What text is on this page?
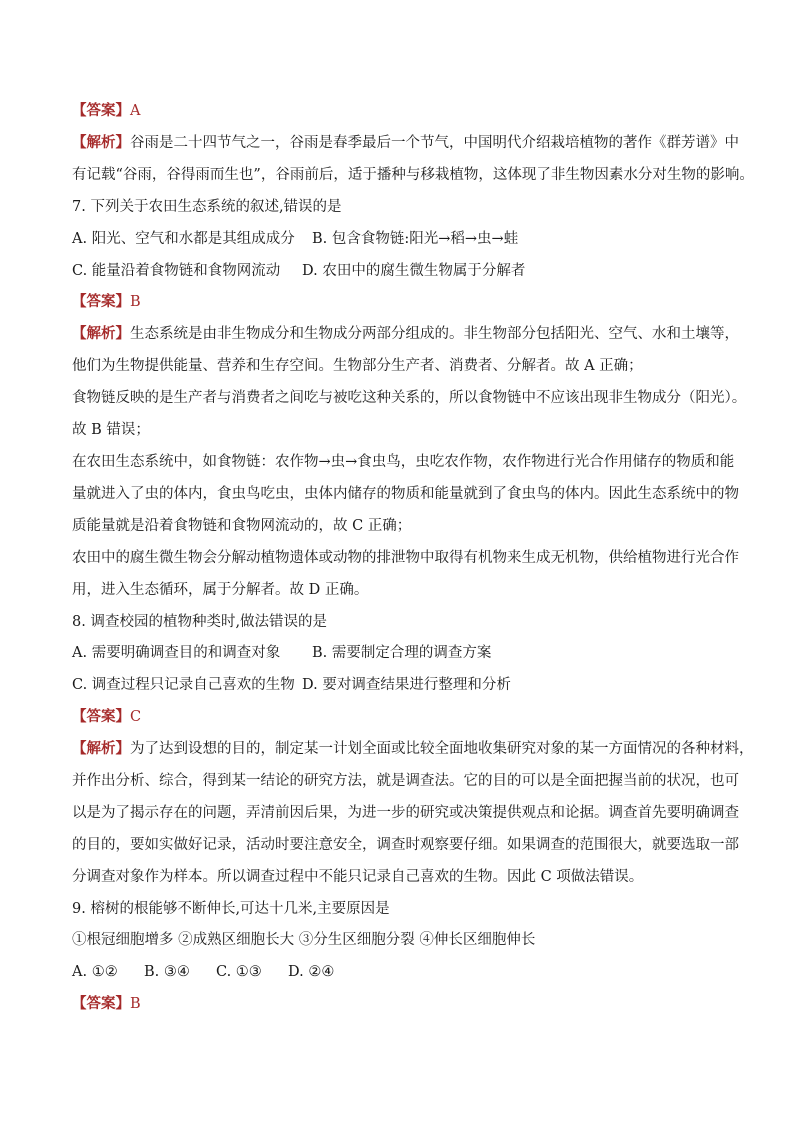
【答案】A
【解析】谷雨是二十四节气之一，谷雨是春季最后一个节气，中国明代介绍栽培植物的著作《群芳谱》中
有记载“谷雨，谷得雨而生也”，谷雨前后，适于播种与移栽植物，这体现了非生物因素水分对生物的影响。
7. 下列关于农田生态系统的叙述,错误的是
A. 阳光、空气和水都是其组成成分 B. 包含食物链:阳光→稻→虫→蛙
C. 能量沿着食物链和食物网流动 D. 农田中的腐生微生物属于分解者
【答案】B
【解析】生态系统是由非生物成分和生物成分两部分组成的。非生物部分包括阳光、空气、水和土壤等，
他们为生物提供能量、营养和生存空间。生物部分生产者、消费者、分解者。故 A 正确；
食物链反映的是生产者与消费者之间吃与被吃这种关系的，所以食物链中不应该出现非生物成分（阳光）。
故 B 错误；
在农田生态系统中，如食物链：农作物→虫→食虫鸟，虫吃农作物，农作物进行光合作用储存的物质和能
量就进入了虫的体内，食虫鸟吃虫，虫体内储存的物质和能量就到了食虫鸟的体内。因此生态系统中的物
质能量就是沿着食物链和食物网流动的，故 C 正确；
农田中的腐生微生物会分解动植物遗体或动物的排泄物中取得有机物来生成无机物，供给植物进行光合作
用，进入生态循环，属于分解者。故 D 正确。
8. 调查校园的植物种类时,做法错误的是
A. 需要明确调查目的和调查对象 B. 需要制定合理的调查方案
C. 调查过程只记录自己喜欢的生物 D. 要对调查结果进行整理和分析
【答案】C
【解析】为了达到设想的目的，制定某一计划全面或比较全面地收集研究对象的某一方面情况的各种材料，
并作出分析、综合，得到某一结论的研究方法，就是调查法。它的目的可以是全面把握当前的状况，也可
以是为了揭示存在的问题，弄清前因后果，为进一步的研究或决策提供观点和论据。调查首先要明确调查
的目的，要如实做好记录，活动时要注意安全，调查时观察要仔细。如果调查的范围很大，就要选取一部
分调查对象作为样本。所以调查过程中不能只记录自己喜欢的生物。因此 C 项做法错误。
9. 榕树的根能够不断伸长,可达十几米,主要原因是
①根冠细胞增多 ②成熟区细胞长大 ③分生区细胞分裂 ④伸长区细胞伸长
A. ①② B. ③④ C. ①③ D. ②④
【答案】B
